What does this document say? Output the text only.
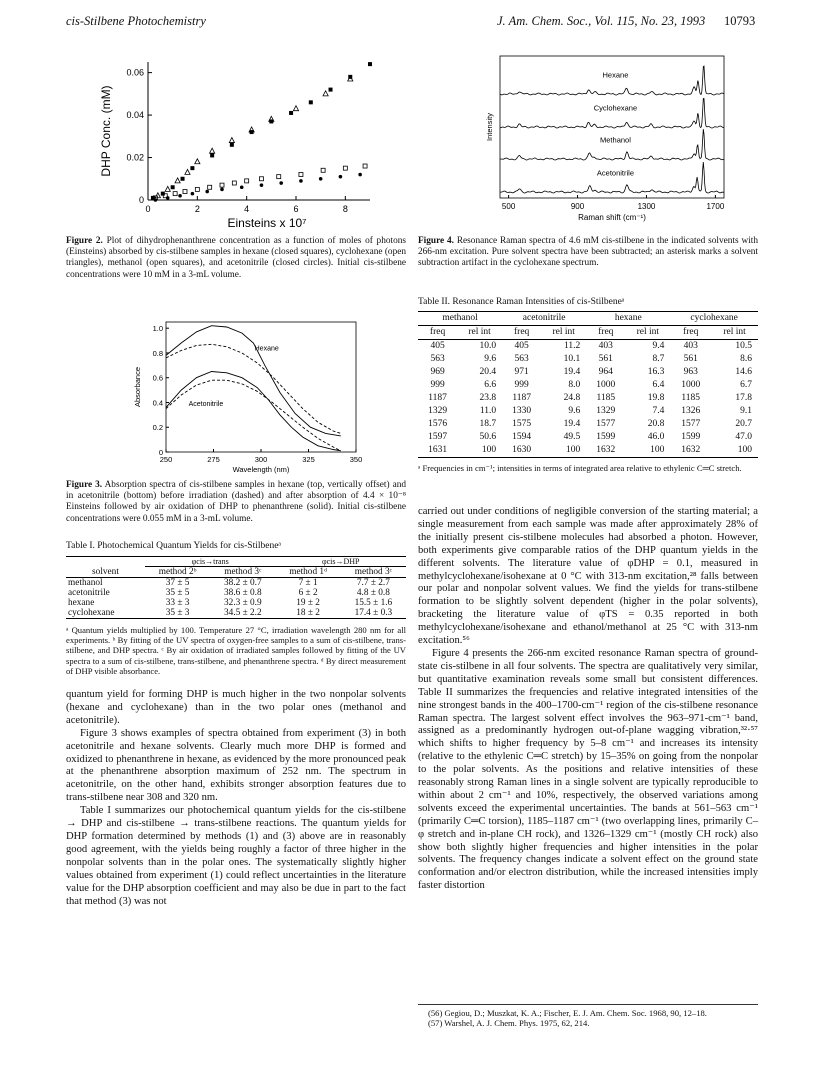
cis-Stilbene Photochemistry	J. Am. Chem. Soc., Vol. 115, No. 23, 1993 10793
0	2	4	6	8
0
0.02
0.04
0.06
Einsteins x 10⁷
DHP Conc. (mM)
Figure 2. Plot of dihydrophenanthrene concentration as a function of moles of photons (Einsteins) absorbed by cis-stilbene samples in hexane (closed squares), cyclohexane (open triangles), methanol (open squares), and acetonitrile (closed circles). Initial cis-stilbene concentrations were 10 mM in a 3-mL volume.
250	275	300	325	350
0
0.2
0.4
0.6
0.8
1.0
Wavelength (nm)
Absorbance
Hexane
Acetonitrile
Figure 3. Absorption spectra of cis-stilbene samples in hexane (top, vertically offset) and in acetonitrile (bottom) before irradiation (dashed) and after absorption of 4.4 × 10⁻⁸ Einsteins followed by air oxidation of DHP to phenanthrene (solid). Initial cis-stilbene concentrations were 0.055 mM in a 3-mL volume.
Table I. Photochemical Quantum Yields for cis-Stilbeneᵃ
	φcis→trans		φcis→DHP	
solvent	method 2ᵇ	method 3ᶜ	method 1ᵈ	method 3ᶜ
methanol	37 ± 5	38.2 ± 0.7	7 ± 1	7.7 ± 2.7
acetonitrile	35 ± 5	38.6 ± 0.8	6 ± 2	4.8 ± 0.8
hexane	33 ± 3	32.3 ± 0.9	19 ± 2	15.5 ± 1.6
cyclohexane	35 ± 3	34.5 ± 2.2	18 ± 2	17.4 ± 0.3
ᵃ Quantum yields multiplied by 100. Temperature 27 °C, irradiation wavelength 280 nm for all experiments. ᵇ By fitting of the UV spectra of oxygen-free samples to a sum of cis-stilbene, trans-stilbene, and DHP spectra. ᶜ By air oxidation of irradiated samples followed by fitting of the UV spectra to a sum of cis-stilbene, trans-stilbene, and phenanthrene spectra. ᵈ By direct measurement of DHP visible absorbance.

quantum yield for forming DHP is much higher in the two nonpolar solvents (hexane and cyclohexane) than in the two polar ones (methanol and acetonitrile).

Figure 3 shows examples of spectra obtained from experiment (3) in both acetonitrile and hexane solvents. Clearly much more DHP is formed and oxidized to phenanthrene in hexane, as evidenced by the more pronounced peak at the phenanthrene absorption maximum of 252 nm. The spectrum in acetonitrile, on the other hand, exhibits stronger absorption features due to trans-stilbene near 308 and 320 nm.

Table I summarizes our photochemical quantum yields for the cis-stilbene → DHP and cis-stilbene → trans-stilbene reactions. The quantum yields for DHP formation determined by methods (1) and (3) above are in reasonably good agreement, with the yields being roughly a factor of three higher in the nonpolar solvents than in the polar ones. The systematically slightly higher values obtained from experiment (1) could reflect uncertainties in the literature value for the DHP absorption coefficient and may also be due in part to the fact that method (3) was not

500	900	1300	1700
Raman shift (cm⁻¹)
Intensity
Hexane
Cyclohexane
Methanol
Acetonitrile
Figure 4. Resonance Raman spectra of 4.6 mM cis-stilbene in the indicated solvents with 266-nm excitation. Pure solvent spectra have been subtracted; an asterisk marks a solvent subtraction artifact in the cyclohexane spectrum.
Table II. Resonance Raman Intensities of cis-Stilbeneᵃ
methanol		acetonitrile		hexane		cyclohexane	
freq	rel int	freq	rel int	freq	rel int	freq	rel int
405	10.0	405	11.2	403	9.4	403	10.5
563	9.6	563	10.1	561	8.7	561	8.6
969	20.4	971	19.4	964	16.3	963	14.6
999	6.6	999	8.0	1000	6.4	1000	6.7
1187	23.8	1187	24.8	1185	19.8	1185	17.8
1329	11.0	1330	9.6	1329	7.4	1326	9.1
1576	18.7	1575	19.4	1577	20.8	1577	20.7
1597	50.6	1594	49.5	1599	46.0	1599	47.0
1631	100	1630	100	1632	100	1632	100
ᵃ Frequencies in cm⁻¹; intensities in terms of integrated area relative to ethylenic C═C stretch.

carried out under conditions of negligible conversion of the starting material; a single measurement from each sample was made after approximately 28% of the initially present cis-stilbene molecules had absorbed a photon. However, both experiments give comparable ratios of the DHP quantum yields in the different solvents. The literature value of φDHP = 0.1, measured in methylcyclohexane/isohexane at 0 °C with 313-nm excitation,²⁸ falls between our polar and nonpolar solvent values. We find the yields for trans-stilbene formation to be slightly solvent dependent (higher in the polar solvents), bracketing the literature value of φTS = 0.35 reported in both methylcyclohexane/isohexane and ethanol/methanol at 25 °C with 313-nm excitation.⁵⁶

Figure 4 presents the 266-nm excited resonance Raman spectra of ground-state cis-stilbene in all four solvents. The spectra are qualitatively very similar, but quantitative examination reveals some small but consistent differences. Table II summarizes the frequencies and relative integrated intensities of the nine strongest bands in the 400–1700-cm⁻¹ region of the cis-stilbene resonance Raman spectra. The largest solvent effect involves the 963–971-cm⁻¹ band, assigned as a predominantly hydrogen out-of-plane wagging vibration,³²·⁵⁷ which shifts to higher frequency by 5–8 cm⁻¹ and increases its intensity (relative to the ethylenic C═C stretch) by 15–35% on going from the nonpolar to the polar solvents. As the positions and relative intensities of these reasonably strong Raman lines in a single solvent are typically reproducible to within about 2 cm⁻¹ and 10%, respectively, the observed variations among solvents exceed the experimental uncertainties. The bands at 561–563 cm⁻¹ (primarily C═C torsion), 1185–1187 cm⁻¹ (two overlapping lines, primarily C–φ stretch and in-plane CH rock), and 1326–1329 cm⁻¹ (mostly CH rock) also show both slightly higher frequencies and higher intensities in the polar solvents. The frequency changes indicate a solvent effect on the ground state conformation and/or electron distribution, while the increased intensities imply faster distortion

(56) Gegiou, D.; Muszkat, K. A.; Fischer, E. J. Am. Chem. Soc. 1968, 90, 12–18.
(57) Warshel, A. J. Chem. Phys. 1975, 62, 214.
